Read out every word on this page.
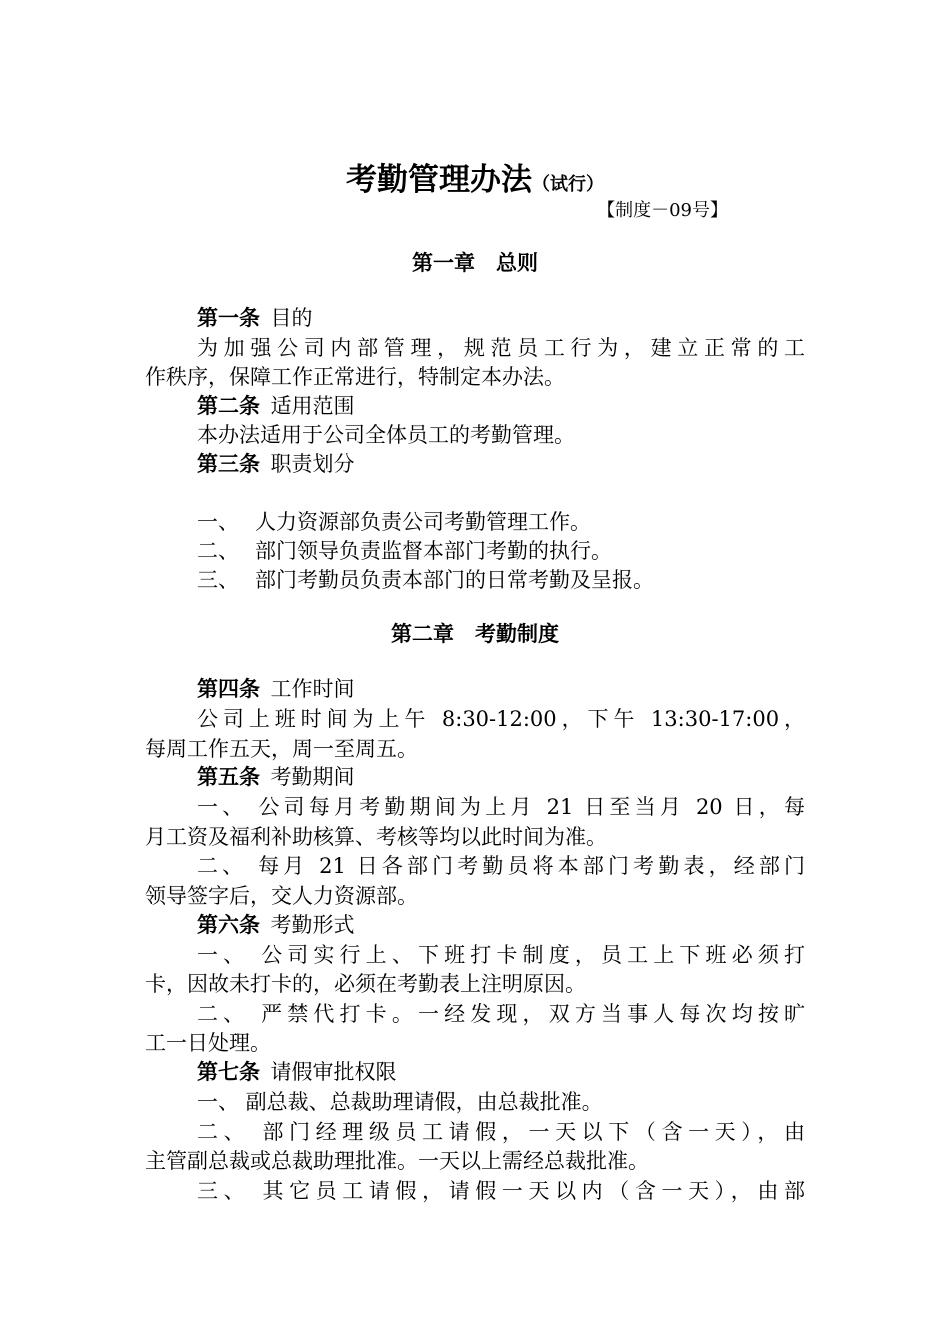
考勤管理办法（试行）
【制度－09号】
第一章　总则
第一条  目的
为加强公司内部管理，规范员工行为，建立正常的工
作秩序，保障工作正常进行，特制定本办法。
第二条  适用范围
本办法适用于公司全体员工的考勤管理。
第三条  职责划分
一、 人力资源部负责公司考勤管理工作。
二、 部门领导负责监督本部门考勤的执行。
三、 部门考勤员负责本部门的日常考勤及呈报。
第二章　考勤制度
第四条  工作时间
公司上班时间为上午 8:30-12:00，下午 13:30-17:00，
每周工作五天，周一至周五。
第五条  考勤期间
一、 公司每月考勤期间为上月 21 日至当月 20 日，每
月工资及福利补助核算、考核等均以此时间为准。
二、 每月 21 日各部门考勤员将本部门考勤表，经部门
领导签字后，交人力资源部。
第六条  考勤形式
一、 公司实行上、下班打卡制度，员工上下班必须打
卡，因故未打卡的，必须在考勤表上注明原因。
二、 严禁代打卡。一经发现，双方当事人每次均按旷
工一日处理。
第七条  请假审批权限
一、 副总裁、总裁助理请假，由总裁批准。
二、 部门经理级员工请假，一天以下（含一天），由
主管副总裁或总裁助理批准。一天以上需经总裁批准。
三、 其它员工请假，请假一天以内（含一天），由部
